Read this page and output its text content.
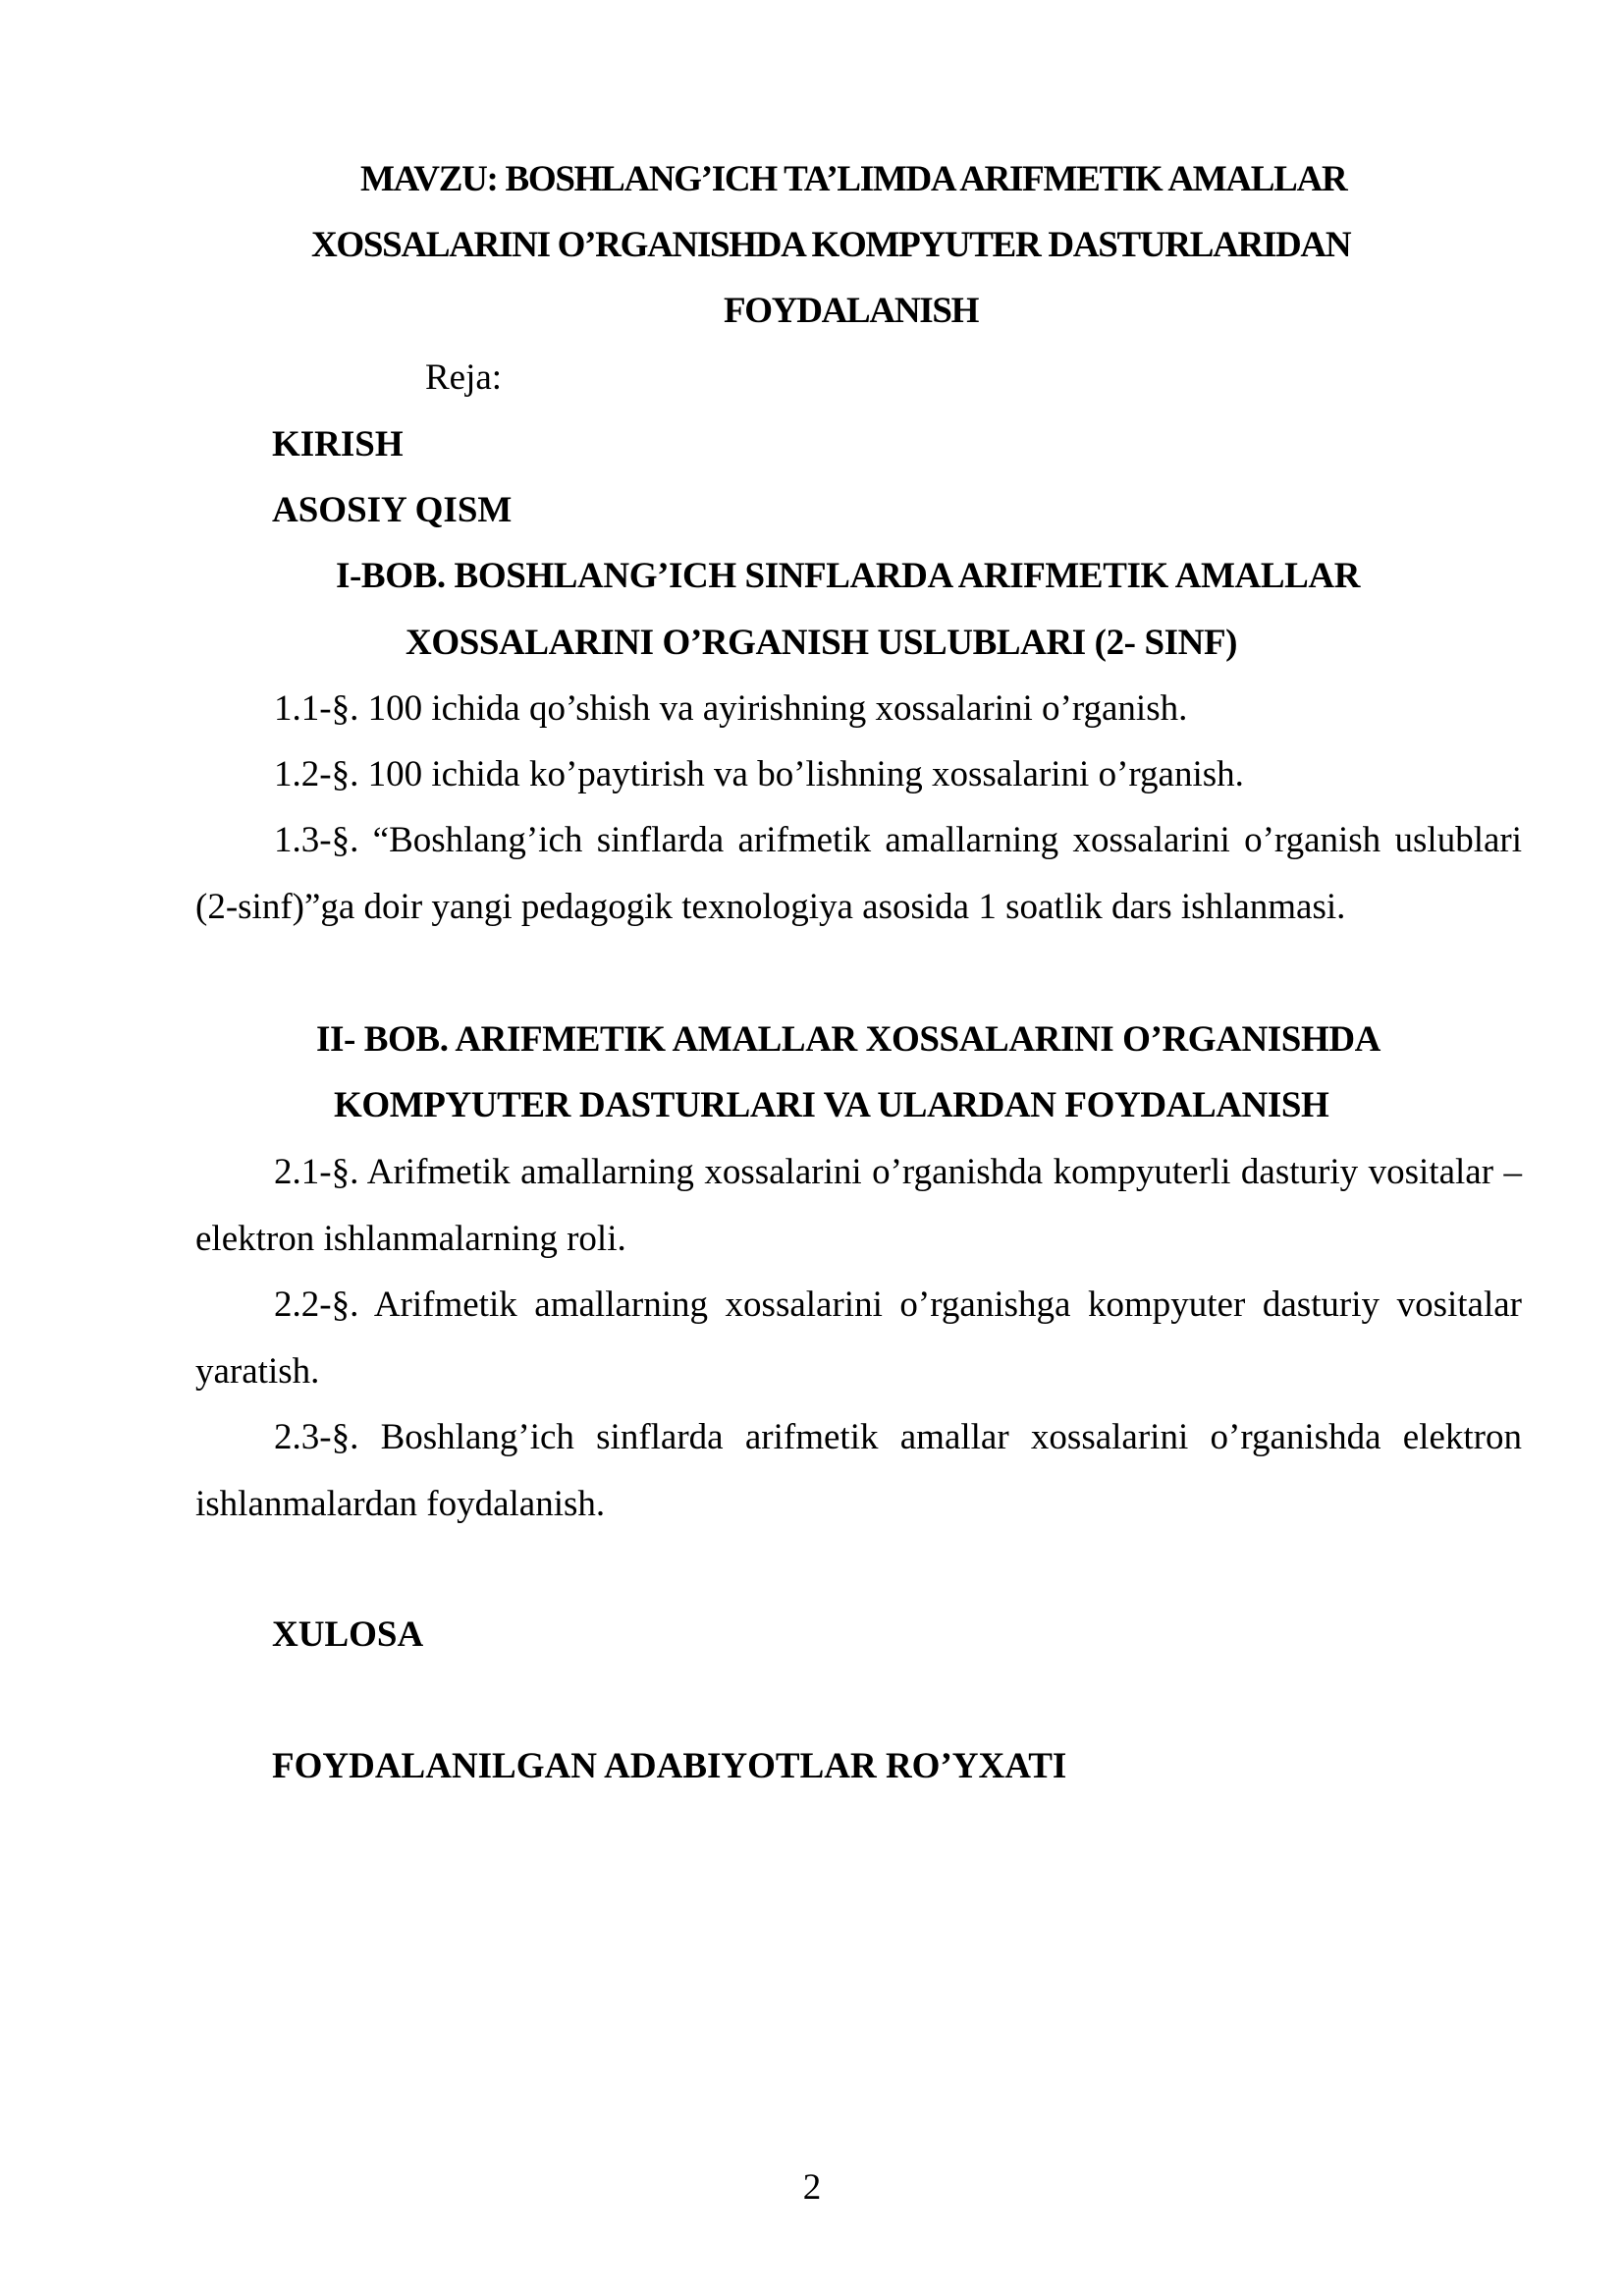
MAVZU: BOSHLANG’ICH TA’LIMDA ARIFMETIK AMALLAR
XOSSALARINI O’RGANISHDA KOMPYUTER DASTURLARIDAN
FOYDALANISH
Reja:
KIRISH
ASOSIY QISM
I-BOB. BOSHLANG’ICH SINFLARDA ARIFMETIK AMALLAR
XOSSALARINI O’RGANISH USLUBLARI (2- SINF)
1.1-§. 100 ichida qo’shish va ayirishning xossalarini o’rganish.
1.2-§. 100 ichida ko’paytirish va bo’lishning xossalarini o’rganish.

1.3-§. “Boshlang’ich sinflarda arifmetik amallarning xossalarini o’rganish uslublari (2-sinf)”ga doir yangi pedagogik texnologiya asosida 1 soatlik dars ishlanmasi.

II- BOB. ARIFMETIK AMALLAR XOSSALARINI O’RGANISHDA
KOMPYUTER DASTURLARI VA ULARDAN FOYDALANISH

2.1-§. Arifmetik amallarning xossalarini o’rganishda kompyuterli dasturiy vositalar – elektron ishlanmalarning roli.

2.2-§. Arifmetik amallarning xossalarini o’rganishga kompyuter dasturiy vositalar yaratish.

2.3-§. Boshlang’ich sinflarda arifmetik amallar xossalarini o’rganishda elektron ishlanmalardan foydalanish.

XULOSA
FOYDALANILGAN ADABIYOTLAR RO’YXATI
2
